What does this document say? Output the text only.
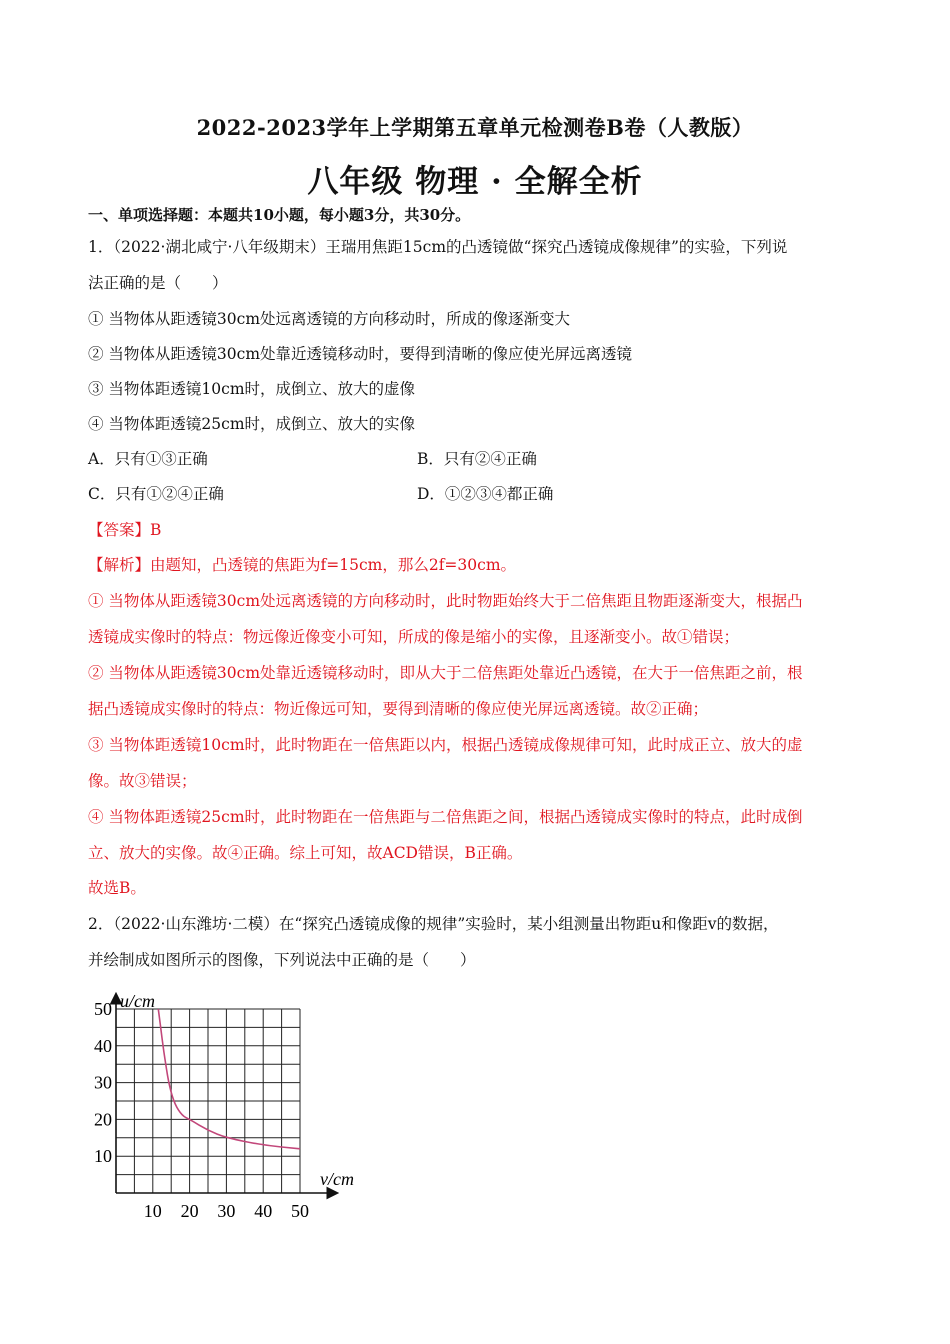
2022-2023学年上学期第五章单元检测卷B卷（人教版）
八年级 物理 · 全解全析
一、单项选择题：本题共10小题，每小题3分，共30分。
1．（2022·湖北咸宁·八年级期末）王瑞用焦距15cm的凸透镜做“探究凸透镜成像规律”的实验，下列说
法正确的是（　　）
① 当物体从距透镜30cm处远离透镜的方向移动时，所成的像逐渐变大
② 当物体从距透镜30cm处靠近透镜移动时，要得到清晰的像应使光屏远离透镜
③ 当物体距透镜10cm时，成倒立、放大的虚像
④ 当物体距透镜25cm时，成倒立、放大的实像
A．只有①③正确	B．只有②④正确
C．只有①②④正确	D．①②③④都正确
【答案】B
【解析】由题知，凸透镜的焦距为f=15cm，那么2f=30cm。
① 当物体从距透镜30cm处远离透镜的方向移动时，此时物距始终大于二倍焦距且物距逐渐变大，根据凸
透镜成实像时的特点：物远像近像变小可知，所成的像是缩小的实像，且逐渐变小。故①错误；
② 当物体从距透镜30cm处靠近透镜移动时，即从大于二倍焦距处靠近凸透镜，在大于一倍焦距之前，根
据凸透镜成实像时的特点：物近像远可知，要得到清晰的像应使光屏远离透镜。故②正确；
③ 当物体距透镜10cm时，此时物距在一倍焦距以内，根据凸透镜成像规律可知，此时成正立、放大的虚
像。故③错误；
④ 当物体距透镜25cm时，此时物距在一倍焦距与二倍焦距之间，根据凸透镜成实像时的特点，此时成倒
立、放大的实像。故④正确。综上可知，故ACD错误，B正确。
故选B。
2．（2022·山东潍坊·二模）在“探究凸透镜成像的规律”实验时，某小组测量出物距u和像距v的数据，
并绘制成如图所示的图像，下列说法中正确的是（　　）
10 20 30 40 50
10
20
30
40
50 u/cm
v/cm
